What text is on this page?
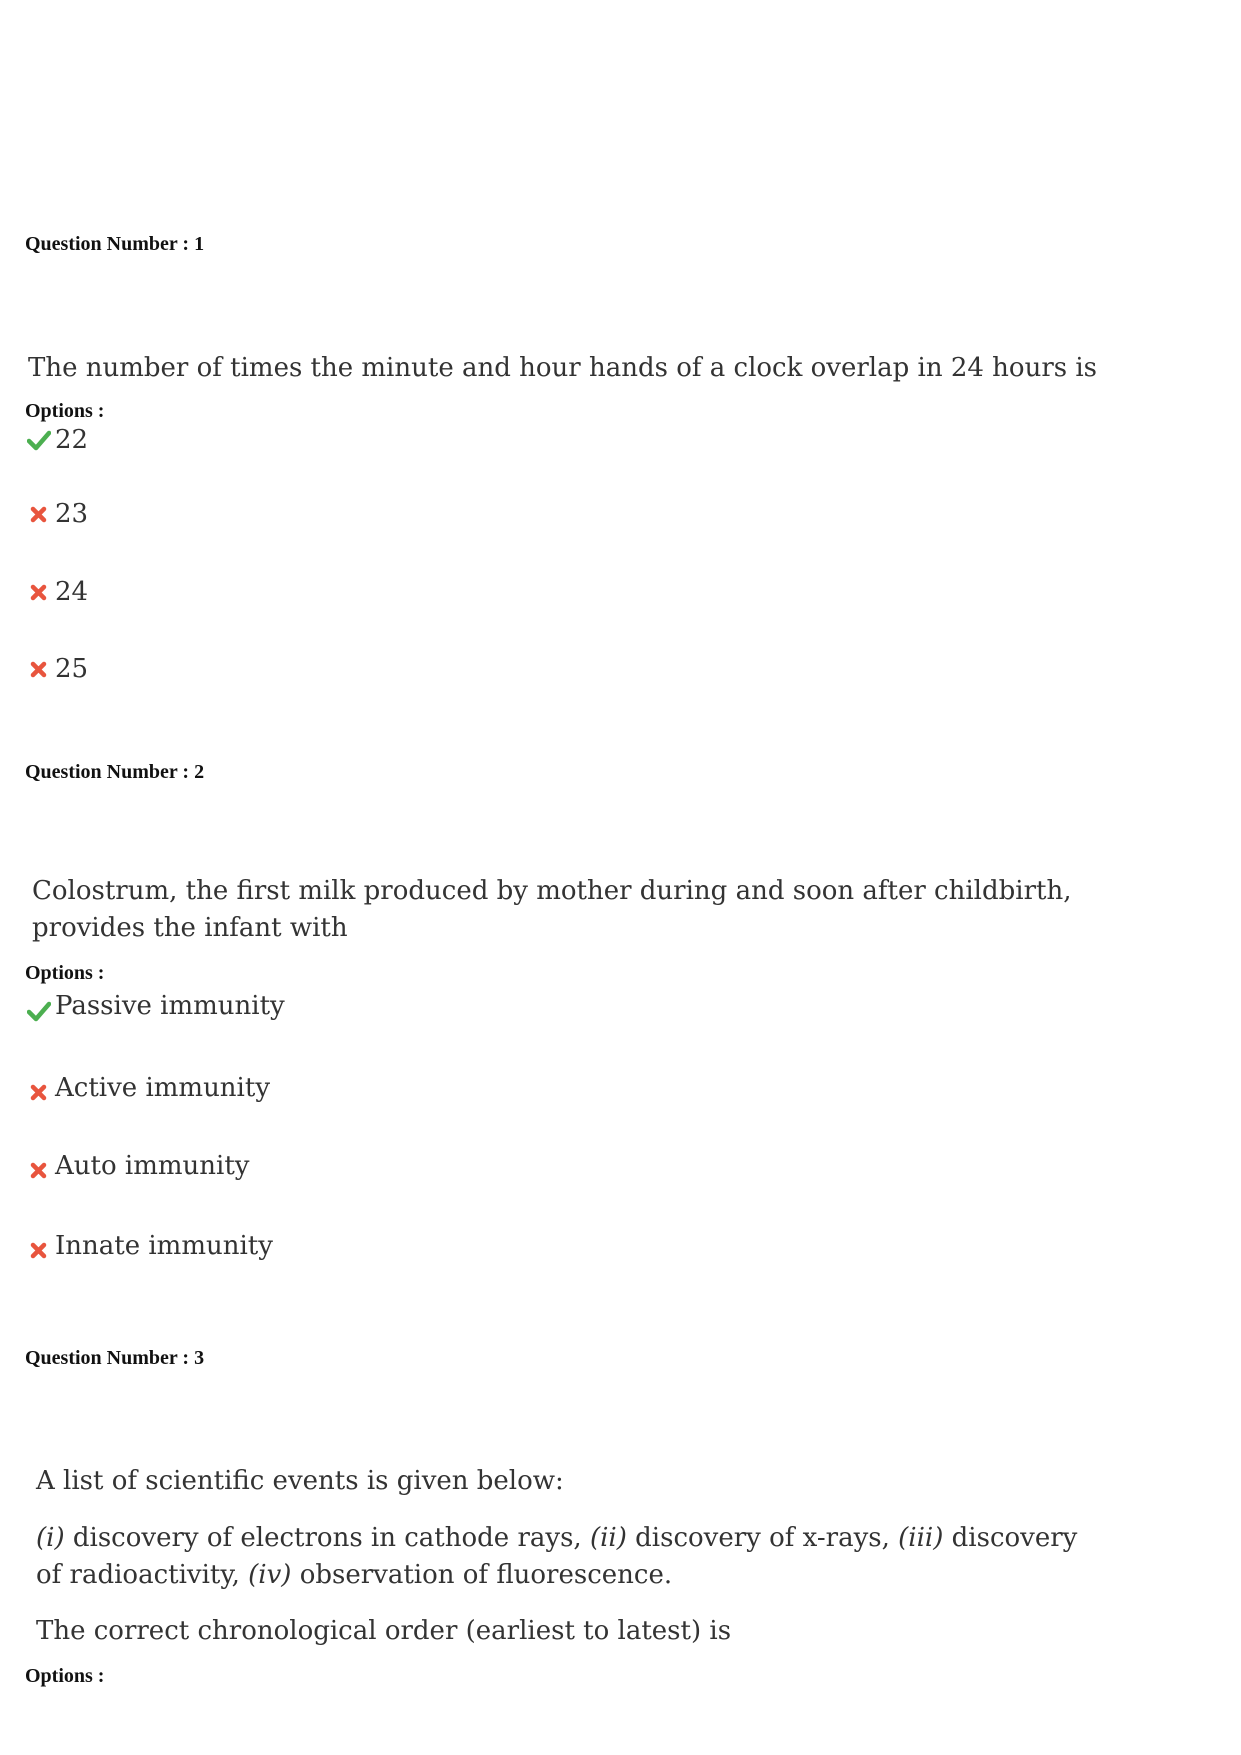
Question Number : 1
The number of times the minute and hour hands of a clock overlap in 24 hours is
Options :
22
23
24
25
Question Number : 2
Colostrum, the first milk produced by mother during and soon after childbirth,
provides the infant with
Options :
Passive immunity
Active immunity
Auto immunity
Innate immunity
Question Number : 3
A list of scientific events is given below:
(i) discovery of electrons in cathode rays, (ii) discovery of x-rays, (iii) discovery
of radioactivity, (iv) observation of fluorescence.
The correct chronological order (earliest to latest) is
Options :
